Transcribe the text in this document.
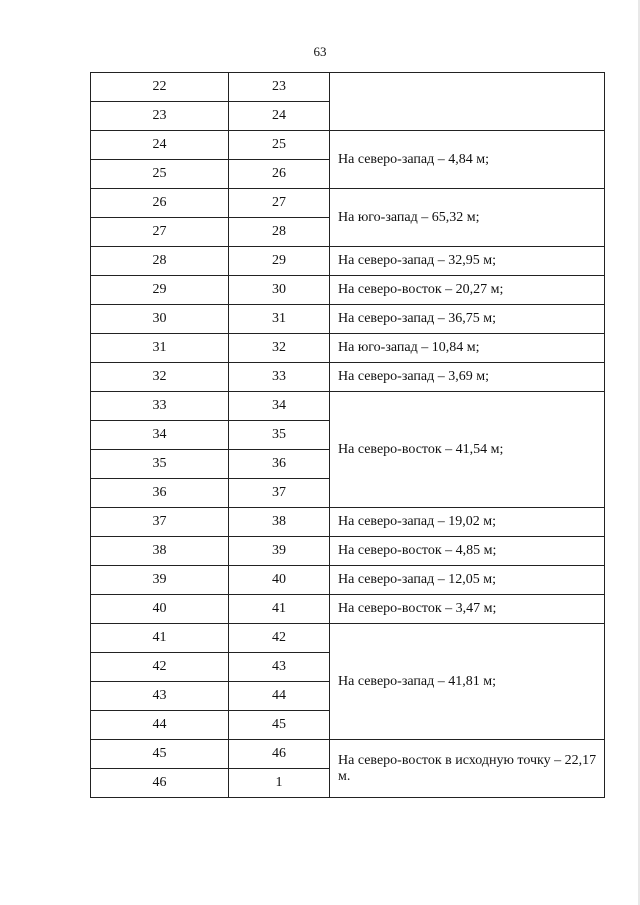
63
22	23	
23	24	
24	25	На северо-запад – 4,84 м;
25	26	
26	27	На юго-запад – 65,32 м;
27	28	
28	29	На северо-запад – 32,95 м;
29	30	На северо-восток – 20,27 м;
30	31	На северо-запад – 36,75 м;
31	32	На юго-запад – 10,84 м;
32	33	На северо-запад – 3,69 м;
33	34	На северо-восток – 41,54 м;
34	35	
35	36	
36	37	
37	38	На северо-запад – 19,02 м;
38	39	На северо-восток – 4,85 м;
39	40	На северо-запад – 12,05 м;
40	41	На северо-восток – 3,47 м;
41	42	На северо-запад – 41,81 м;
42	43	
43	44	
44	45	
45	46	На северо-восток в исходную точку – 22,17 м.
46	1	
